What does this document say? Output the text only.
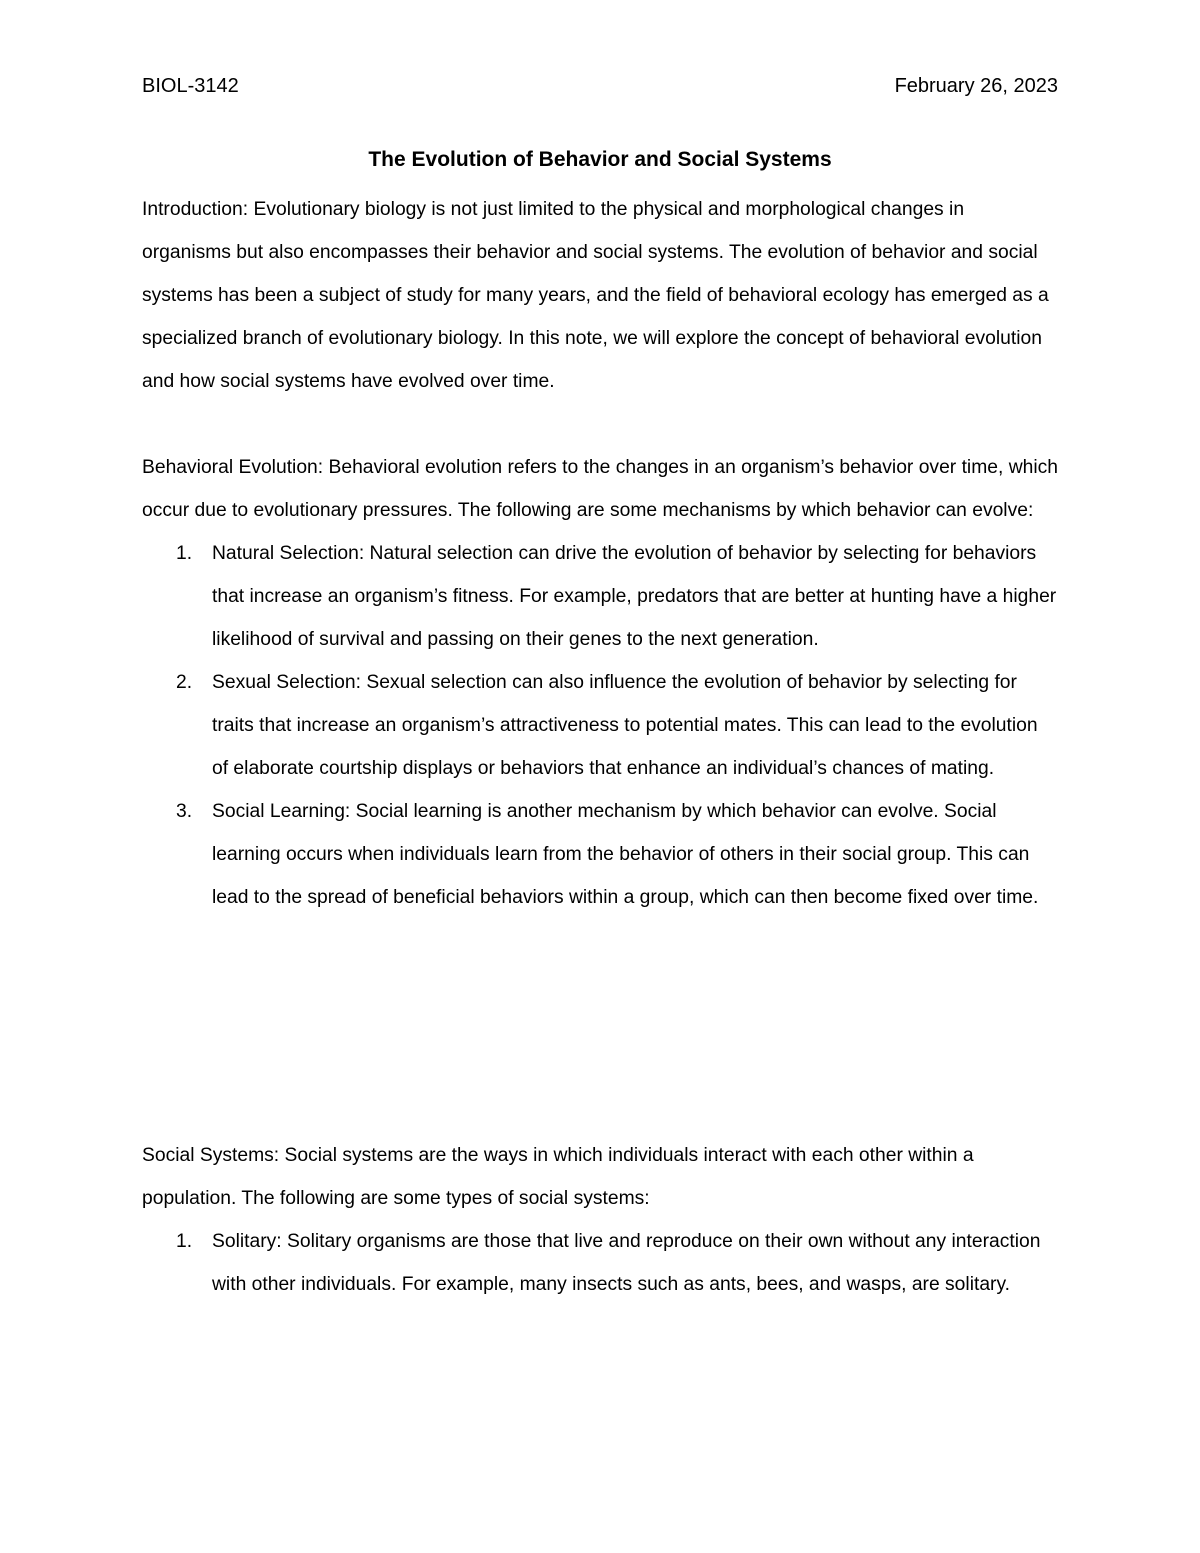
BIOL-3142	February 26, 2023
The Evolution of Behavior and Social Systems

Introduction: Evolutionary biology is not just limited to the physical and morphological changes in organisms but also encompasses their behavior and social systems. The evolution of behavior and social systems has been a subject of study for many years, and the field of behavioral ecology has emerged as a specialized branch of evolutionary biology. In this note, we will explore the concept of behavioral evolution and how social systems have evolved over time.

Behavioral Evolution: Behavioral evolution refers to the changes in an organism’s behavior over time, which occur due to evolutionary pressures. The following are some mechanisms by which behavior can evolve:

1. Natural Selection: Natural selection can drive the evolution of behavior by selecting for behaviors that increase an organism’s fitness. For example, predators that are better at hunting have a higher likelihood of survival and passing on their genes to the next generation.
2. Sexual Selection: Sexual selection can also influence the evolution of behavior by selecting for traits that increase an organism’s attractiveness to potential mates. This can lead to the evolution of elaborate courtship displays or behaviors that enhance an individual’s chances of mating.
3. Social Learning: Social learning is another mechanism by which behavior can evolve. Social learning occurs when individuals learn from the behavior of others in their social group. This can lead to the spread of beneficial behaviors within a group, which can then become fixed over time.

Social Systems: Social systems are the ways in which individuals interact with each other within a population. The following are some types of social systems:

1. Solitary: Solitary organisms are those that live and reproduce on their own without any interaction with other individuals. For example, many insects such as ants, bees, and wasps, are solitary.
